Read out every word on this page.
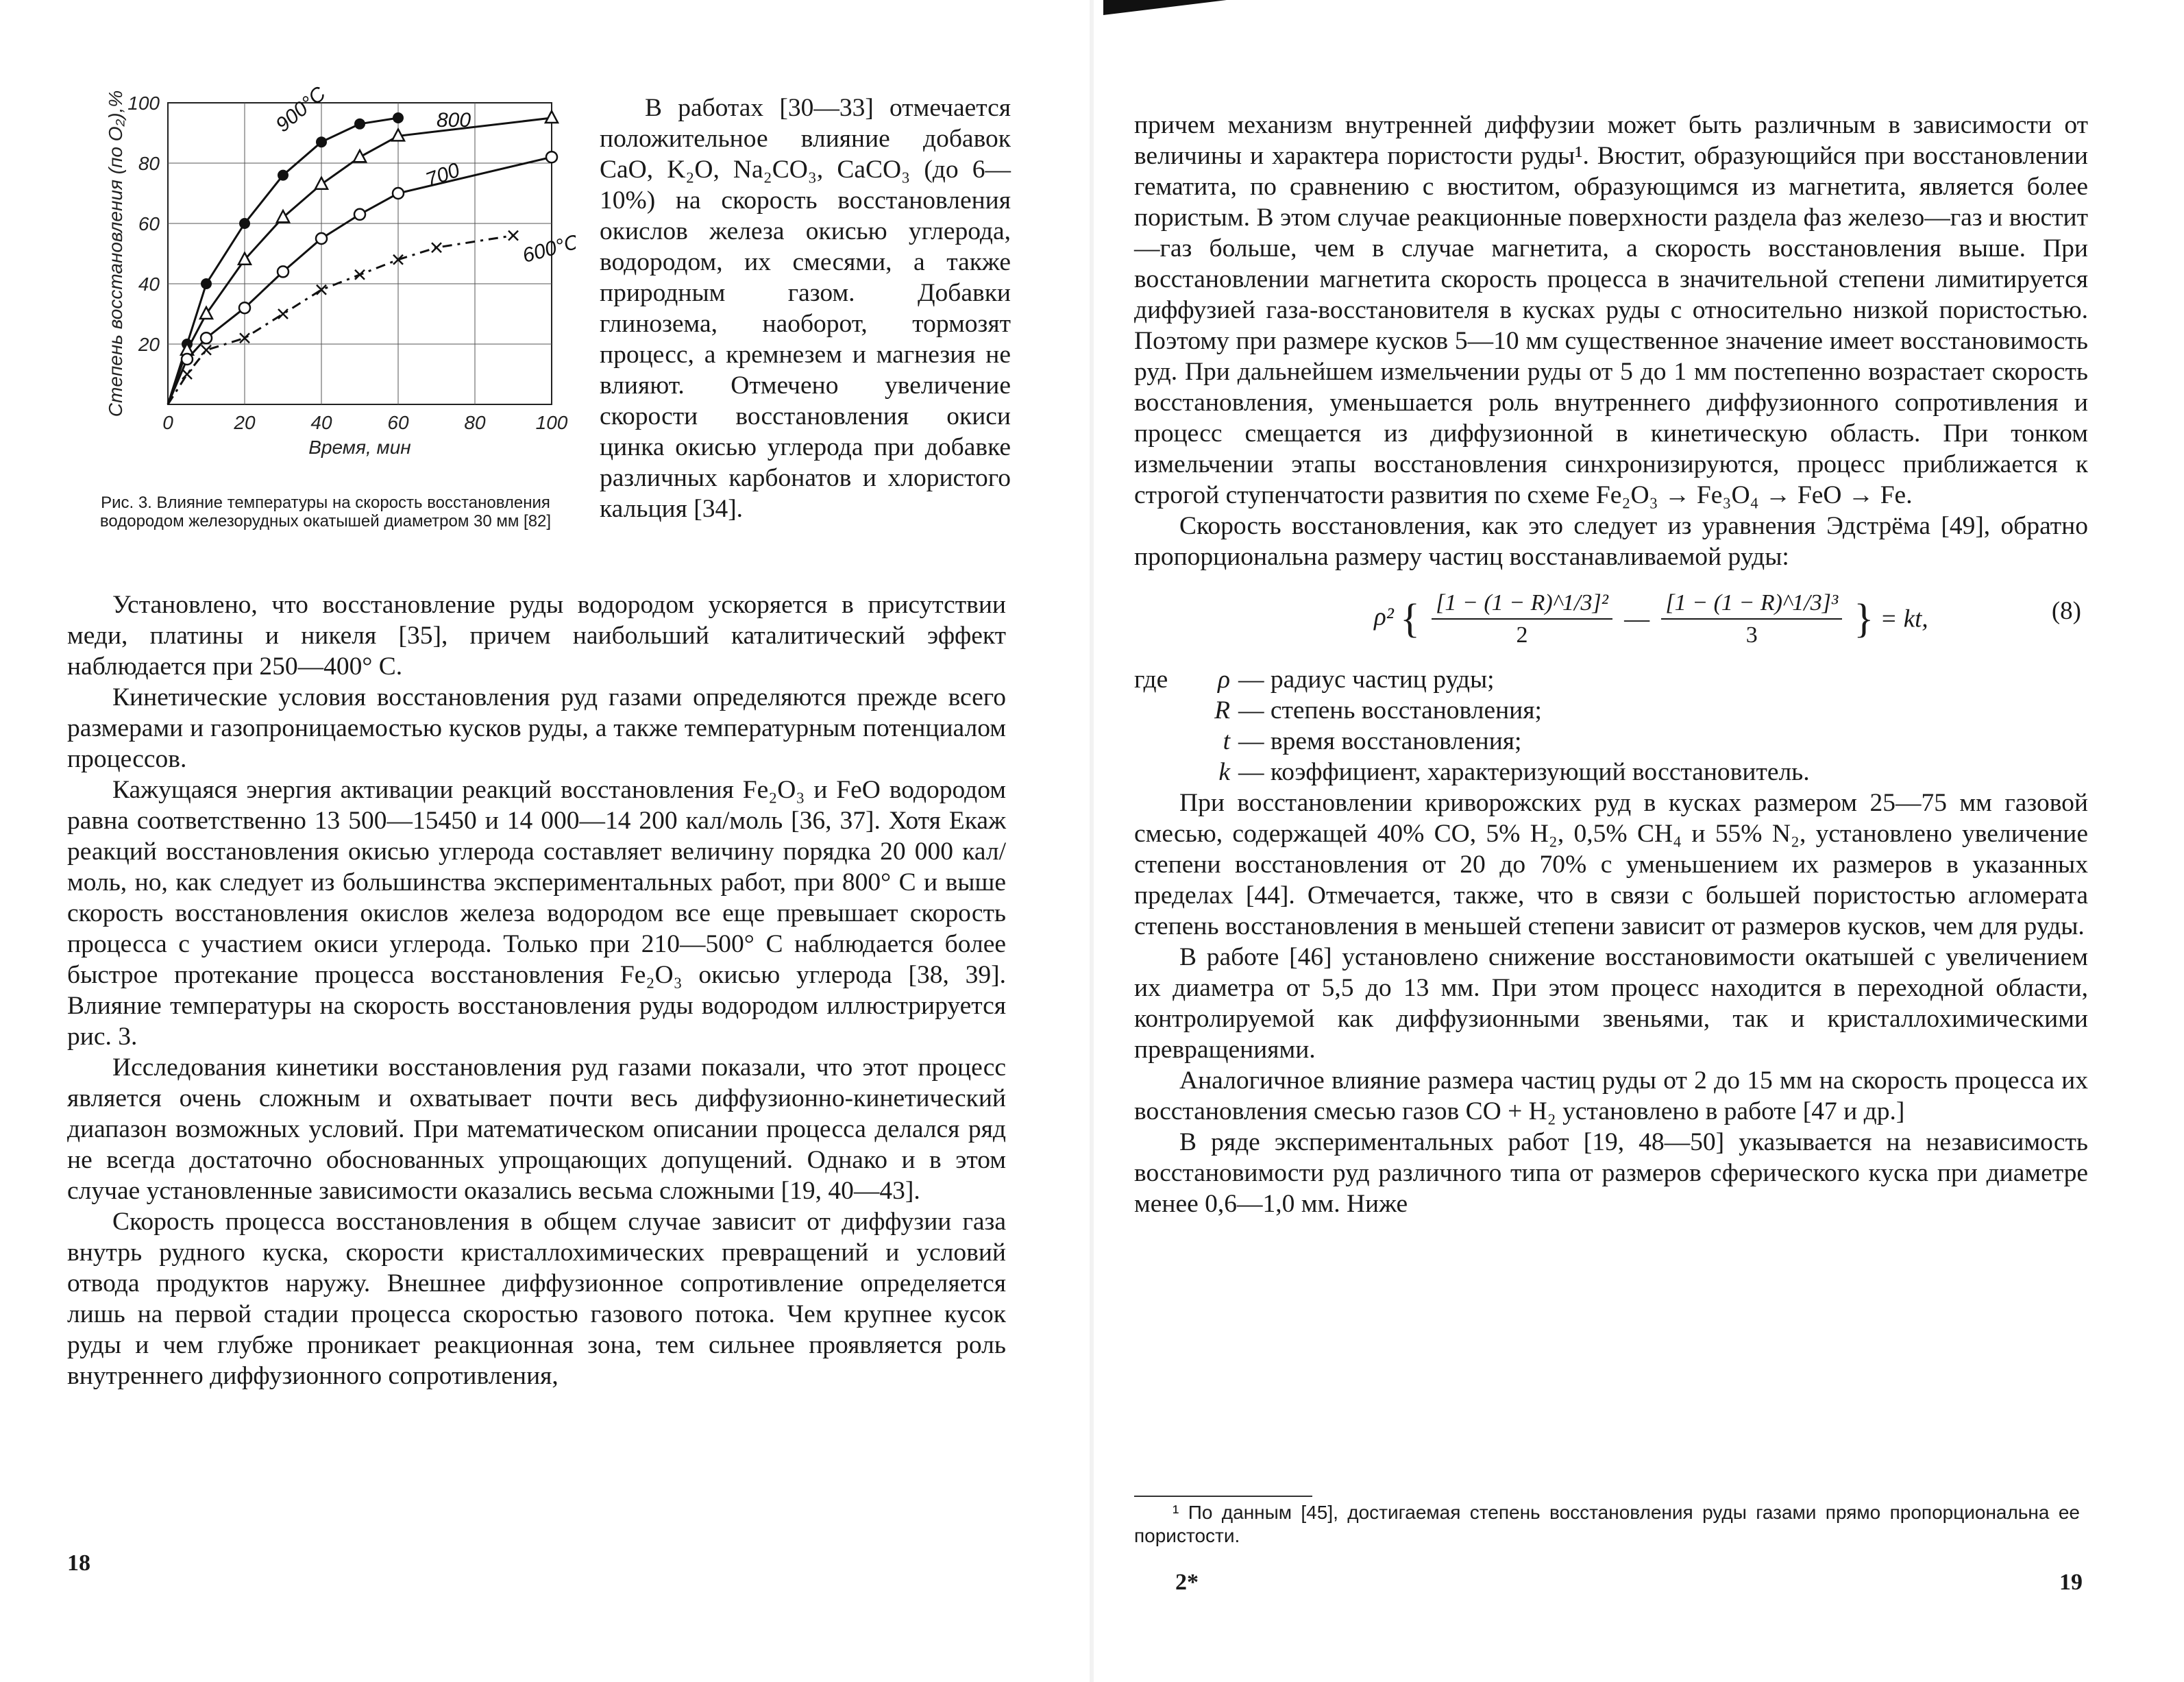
20
40
60
80
100
0	20	40	60	80	100
Время, мин
Степень восстановления (по O₂),%	900°C	800
700
600°C
Рис. 3. Влияние температуры на скорость восстановления водородом железорудных окатышей диаметром 30 мм [82]

В работах [30—33] отмечается положительное влияние добавок CaO, K₂O, Na₂CO₃, CaCO₃ (до 6—10%) на скорость восстановления окислов железа окисью углерода, водородом, их смесями, а также природным газом. Добавки глинозема, наоборот, тормозят процесс, а кремнезем и магнезия не влияют. Отмечено увеличение скорости восстановления окиси цинка окисью углерода при добавке различных карбонатов и хлористого кальция [34].

Установлено, что восстановление руды водородом ускоряется в присутствии меди, платины и никеля [35], причем наибольший каталитический эффект наблюдается при 250—400° С.

Кинетические условия восстановления руд газами определяются прежде всего размерами и газопроницаемостью кусков руды, а также температурным потенциалом процессов.

Кажущаяся энергия активации реакций восстановления Fe₂O₃ и FeO водородом равна соответственно 13 500—15450 и 14 000—14 200 кал/моль [36, 37]. Хотя Eкаж реакций восстановления окисью углерода составляет величину порядка 20 000 кал/моль, но, как следует из большинства экспериментальных работ, при 800° С и выше скорость восстановления окислов железа водородом все еще превышает скорость процесса с участием окиси углерода. Только при 210—500° С наблюдается более быстрое протекание процесса восстановления Fe₂O₃ окисью углерода [38, 39]. Влияние температуры на скорость восстановления руды водородом иллюстрируется рис. 3.

Исследования кинетики восстановления руд газами показали, что этот процесс является очень сложным и охватывает почти весь диффузионно-кинетический диапазон возможных условий. При математическом описании процесса делался ряд не всегда достаточно обоснованных упрощающих допущений. Однако и в этом случае установленные зависимости оказались весьма сложными [19, 40—43].

Скорость процесса восстановления в общем случае зависит от диффузии газа внутрь рудного куска, скорости кристаллохимических превращений и условий отвода продуктов наружу. Внешнее диффузионное сопротивление определяется лишь на первой стадии процесса скоростью газового потока. Чем крупнее кусок руды и чем глубже проникает реакционная зона, тем сильнее проявляется роль внутреннего диффузионного сопротивления,

18

причем механизм внутренней диффузии может быть различным в зависимости от величины и характера пористости руды¹. Вюстит, образующийся при восстановлении гематита, по сравнению с вюститом, образующимся из магнетита, является более пористым. В этом случае реакционные поверхности раздела фаз железо—газ и вюстит—газ больше, чем в случае магнетита, а скорость восстановления выше. При восстановлении магнетита скорость процесса в значительной степени лимитируется диффузией газа-восстановителя в кусках руды с относительно низкой пористостью. Поэтому при размере кусков 5—10 мм существенное значение имеет восстановимость руд. При дальнейшем измельчении руды от 5 до 1 мм постепенно возрастает скорость восстановления, уменьшается роль внутреннего диффузионного сопротивления и процесс смещается из диффузионной в кинетическую область. При тонком измельчении этапы восстановления синхронизируются, процесс приближается к строгой ступенчатости развития по схеме Fe₂O₃ → Fe₃O₄ → FeO → Fe.

Скорость восстановления, как это следует из уравнения Эдстрёма [49], обратно пропорциональна размеру частиц восстанавливаемой руды:

ρ² { $\frac{\text{[1 − (1 − R)\textasciicircum{}1/3]²}}{2}$ — $\frac{\text{[1 − (1 − R)\textasciicircum{}1/3]³}}{3}$ } = kt,	(8)
где	ρ — радиус частиц руды;
R — степень восстановления;
t — время восстановления;
k — коэффициент, характеризующий восстановитель.

При восстановлении криворожских руд в кусках размером 25—75 мм газовой смесью, содержащей 40% CO, 5% H₂, 0,5% CH₄ и 55% N₂, установлено увеличение степени восстановления от 20 до 70% с уменьшением их размеров в указанных пределах [44]. Отмечается, также, что в связи с большей пористостью агломерата степень восстановления в меньшей степени зависит от размеров кусков, чем для руды.

В работе [46] установлено снижение восстановимости окатышей с увеличением их диаметра от 5,5 до 13 мм. При этом процесс находится в переходной области, контролируемой как диффузионными звеньями, так и кристаллохимическими превращениями.

Аналогичное влияние размера частиц руды от 2 до 15 мм на скорость процесса их восстановления смесью газов CO + H₂ установлено в работе [47 и др.]

В ряде экспериментальных работ [19, 48—50] указывается на независимость восстановимости руд различного типа от размеров сферического куска при диаметре менее 0,6—1,0 мм. Ниже

19
2*
¹ По данным [45], достигаемая степень восстановления руды газами прямо пропорциональна ее пористости.
